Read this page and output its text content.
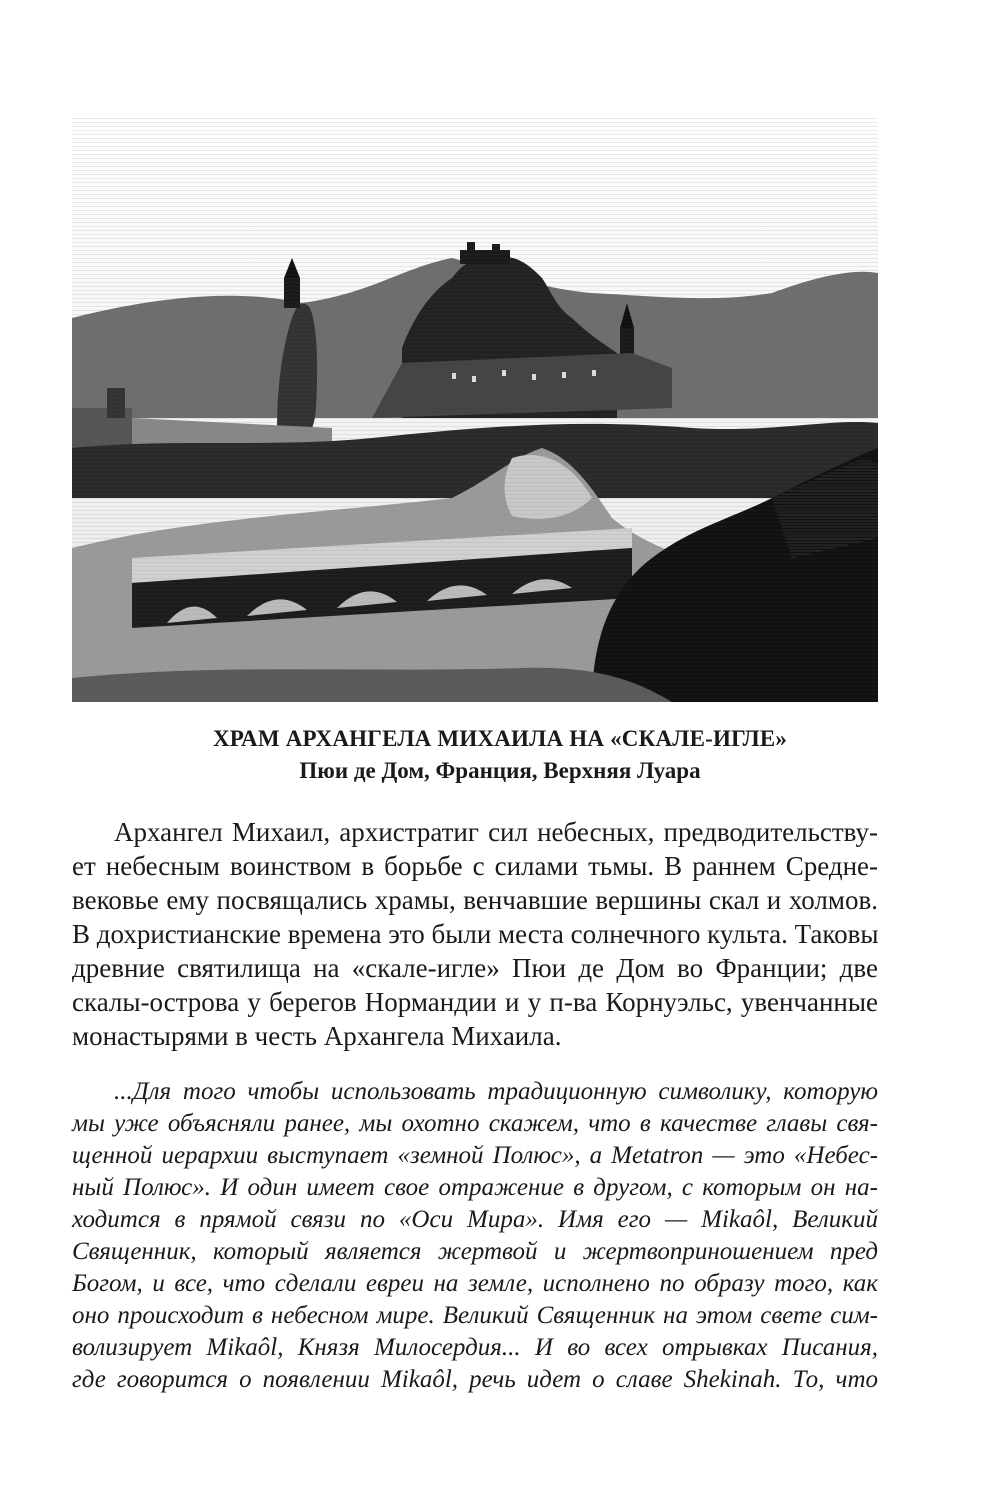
ХРАМ АРХАНГЕЛА МИХАИЛА НА «СКАЛЕ-ИГЛЕ»
Пюи де Дом, Франция, Верхняя Луара
Архангел Михаил, архистратиг сил небесных, предводительству-
ет небесным воинством в борьбе с силами тьмы. В раннем Средне-
вековье ему посвящались храмы, венчавшие вершины скал и холмов.
В дохристианские времена это были места солнечного культа. Таковы
древние святилища на «скале-игле» Пюи де Дом во Франции; две
скалы-острова у берегов Нормандии и у п-ва Корнуэльс, увенчанные
монастырями в честь Архангела Михаила.
...Для того чтобы использовать традиционную символику, которую
мы уже объясняли ранее, мы охотно скажем, что в качестве главы свя-
щенной иерархии выступает «земной Полюс», а Metatron — это «Небес-
ный Полюс». И один имеет свое отражение в другом, с которым он на-
ходится в прямой связи по «Оси Мира». Имя его — Mikaôl, Великий
Священник, который является жертвой и жертвоприношением пред
Богом, и все, что сделали евреи на земле, исполнено по образу того, как
оно происходит в небесном мире. Великий Священник на этом свете сим-
волизирует Mikaôl, Князя Милосердия... И во всех отрывках Писания,
где говорится о появлении Mikaôl, речь идет о славе Shekinah. То, что
